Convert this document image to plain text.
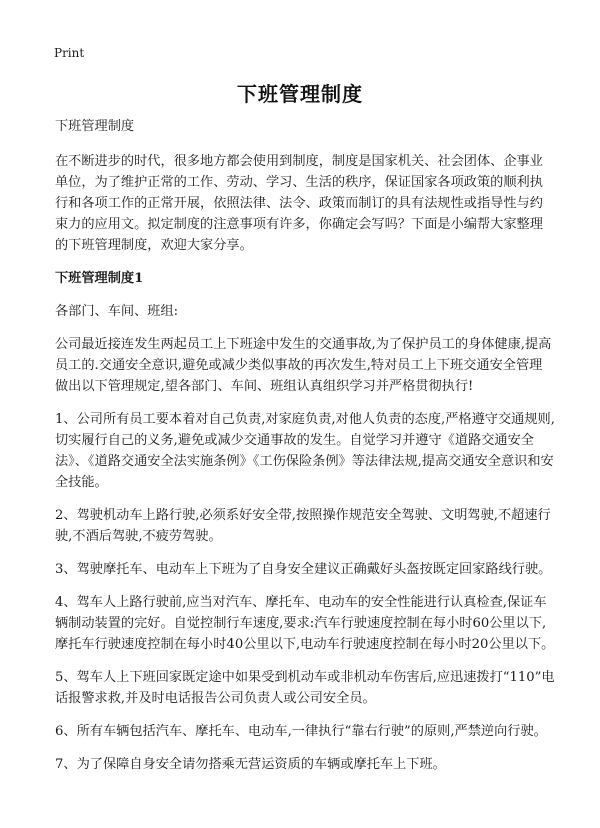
Print
下班管理制度

下班管理制度

在不断进步的时代，很多地方都会使用到制度，制度是国家机关、社会团体、企事业单位，为了维护正常的工作、劳动、学习、生活的秩序，保证国家各项政策的顺利执行和各项工作的正常开展，依照法律、法令、政策而制订的具有法规性或指导性与约束力的应用文。拟定制度的注意事项有许多，你确定会写吗？下面是小编帮大家整理的下班管理制度，欢迎大家分享。

下班管理制度1

各部门、车间、班组:

公司最近接连发生两起员工上下班途中发生的交通事故,为了保护员工的身体健康,提高员工的.交通安全意识,避免或减少类似事故的再次发生,特对员工上下班交通安全管理做出以下管理规定,望各部门、车间、班组认真组织学习并严格贯彻执行!

1、公司所有员工要本着对自己负责,对家庭负责,对他人负责的态度,严格遵守交通规则,切实履行自己的义务,避免或减少交通事故的发生。自觉学习并遵守《道路交通安全法》、《道路交通安全法实施条例》《工伤保险条例》等法律法规,提高交通安全意识和安全技能。

2、驾驶机动车上路行驶,必须系好安全带,按照操作规范安全驾驶、文明驾驶,不超速行驶,不酒后驾驶,不疲劳驾驶。

3、驾驶摩托车、电动车上下班为了自身安全建议正确戴好头盔按既定回家路线行驶。

4、驾车人上路行驶前,应当对汽车、摩托车、电动车的安全性能进行认真检查,保证车辆制动装置的完好。自觉控制行车速度,要求:汽车行驶速度控制在每小时60公里以下,摩托车行驶速度控制在每小时40公里以下,电动车行驶速度控制在每小时20公里以下。

5、驾车人上下班回家既定途中如果受到机动车或非机动车伤害后,应迅速拨打“110”电话报警求救,并及时电话报告公司负责人或公司安全员。

6、所有车辆包括汽车、摩托车、电动车,一律执行“靠右行驶”的原则,严禁逆向行驶。

7、为了保障自身安全请勿搭乘无营运资质的车辆或摩托车上下班。
